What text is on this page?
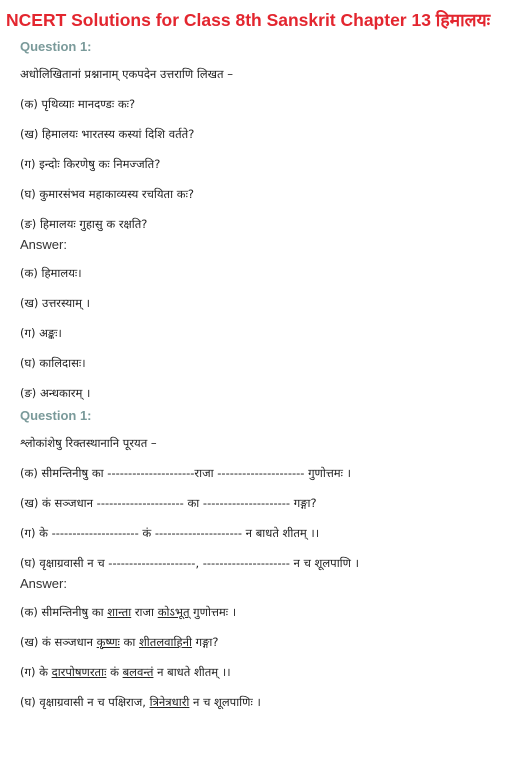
NCERT Solutions for Class 8th Sanskrit Chapter 13 हिमालयः
Question 1:
अधोलिखितानां प्रश्नानाम् एकपदेन उत्तराणि लिखत –
(क) पृथिव्याः मानदण्डः कः?
(ख) हिमालयः भारतस्य कस्यां दिशि वर्तते?
(ग) इन्दोः किरणेषु कः निमज्जति?
(घ) कुमारसंभव महाकाव्यस्य रचयिता कः?
(ङ) हिमालयः गुहासु क रक्षति?
Answer:
(क) हिमालयः।
(ख) उत्तरस्याम् ।
(ग) अङ्कः।
(घ) कालिदासः।
(ङ) अन्धकारम् ।
Question 1:
श्लोकांशेषु रिक्तस्थानानि पूरयत –
(क) सीमन्तिनीषु का ---------------------राजा --------------------- गुणोत्तमः ।
(ख) कं सञ्जधान --------------------- का --------------------- गङ्गा?
(ग) के --------------------- कं --------------------- न बाधते शीतम् ।।
(घ) वृक्षाग्रवासी न च ---------------------, --------------------- न च शूलपाणि ।
Answer:
(क) सीमन्तिनीषु का शान्ता राजा कोऽभूत् गुणोत्तमः ।
(ख) कं सञ्जधान कृष्णः का शीतलवाहिनी गङ्गा?
(ग) के दारपोषणरताः कं बलवन्तं न बाधते शीतम् ।।
(घ) वृक्षाग्रवासी न च पक्षिराज, त्रिनेत्रधारी न च शूलपाणिः ।
